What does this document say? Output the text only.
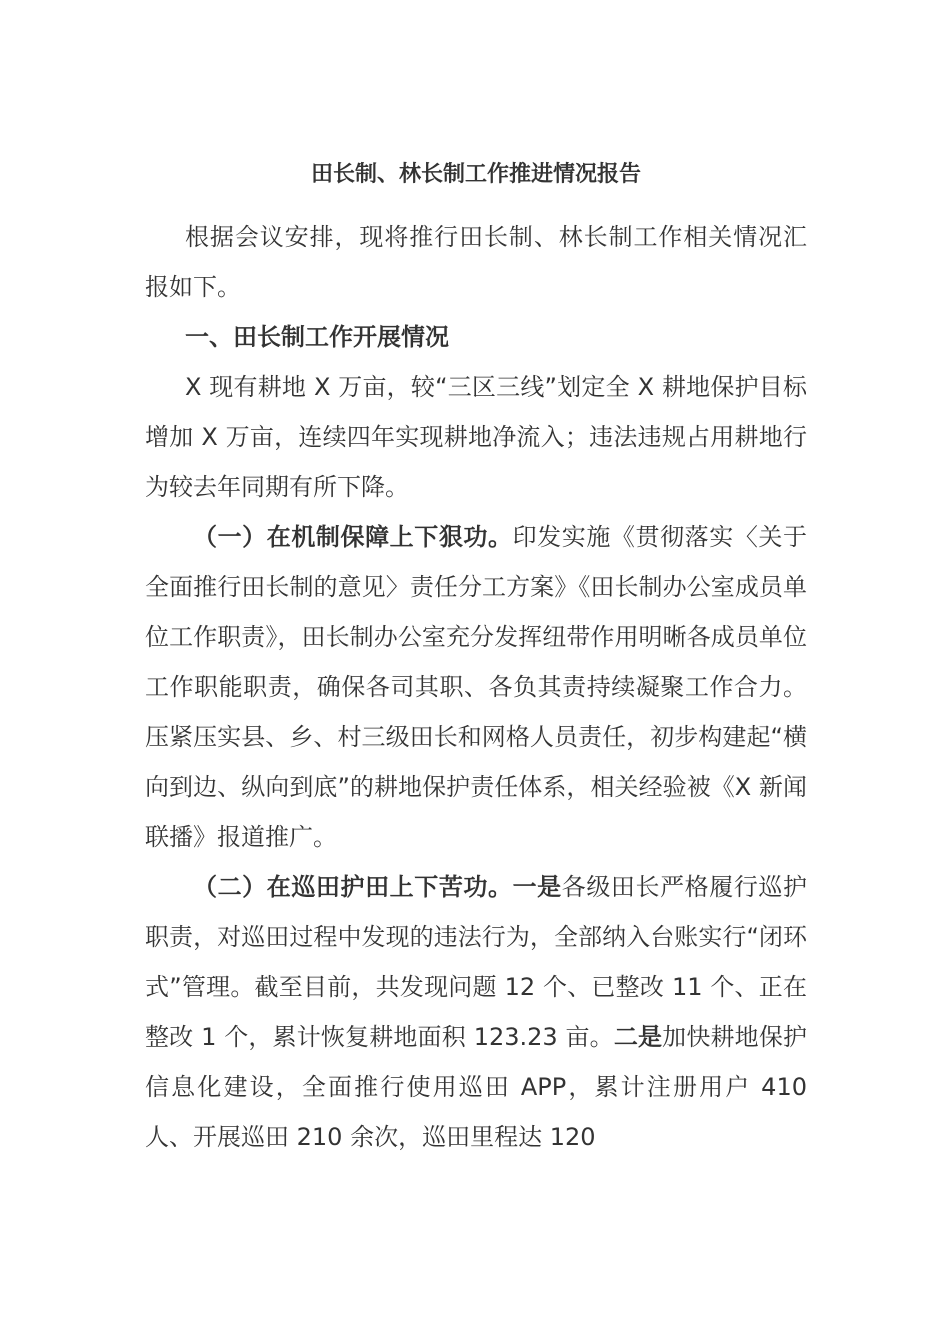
田长制、林长制工作推进情况报告

根据会议安排，现将推行田长制、林长制工作相关情况汇报如下。

一、田长制工作开展情况

X 现有耕地 X 万亩，较“三区三线”划定全 X 耕地保护目标增加 X 万亩，连续四年实现耕地净流入；违法违规占用耕地行为较去年同期有所下降。

（一）在机制保障上下狠功。印发实施《贯彻落实〈关于全面推行田长制的意见〉责任分工方案》《田长制办公室成员单位工作职责》，田长制办公室充分发挥纽带作用明晰各成员单位工作职能职责，确保各司其职、各负其责持续凝聚工作合力。压紧压实县、乡、村三级田长和网格人员责任，初步构建起“横向到边、纵向到底”的耕地保护责任体系，相关经验被《X 新闻联播》报道推广。

（二）在巡田护田上下苦功。一是各级田长严格履行巡护职责，对巡田过程中发现的违法行为，全部纳入台账实行“闭环式”管理。截至目前，共发现问题 12 个、已整改 11 个、正在整改 1 个，累计恢复耕地面积 123.23 亩。二是加快耕地保护信息化建设，全面推行使用巡田 APP，累计注册用户 410 人、开展巡田 210 余次，巡田里程达 120
